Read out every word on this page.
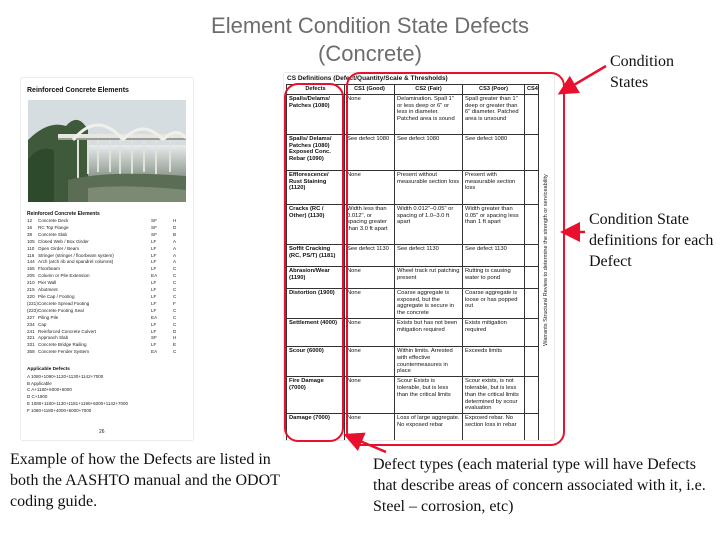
Element Condition State Defects
(Concrete)
Reinforced Concrete Elements
Reinforced Concrete Elements
12	Concrete Deck	SF	H
16	RC Top Flange	SF	D
38	Concrete Slab	SF	B
105 Closed Web / Box Girder	LF	A
110 Open Girder / Beam	LF	A
116 Stringer (stringer / floorbeam system)	LF	A
144 Arch (arch rib and spandrel columns)	LF	A
155 Floorbeam	LF	C
205 Column or Pile Extension	EA	C
210 Pier Wall	LF	C
215 Abutment	LF	C
220 Pile Cap / Footing	LF	C
(221) Concrete Spread Footing	LF	F
(223) Concrete Footing Seal	LF	C
227 Piling Pile	EA	C
234 Cap	LF	C
241 Reinforced Concrete Culvert	LF	D
321 Approach Slab	SF	H
331 Concrete Bridge Railing	LF	E
358 Concrete Fender System	EA	C
Applicable Defects
A 1080+1090+1120+1130+1142+7000
B Applicable
C A+1180+6000+6000
D C+1900
E 1080+1180+1130+1181+1190+6000+1142+7000
F 1080+1180+4000+6000+7000
26
CS Definitions (Defect/Quantity/Scale & Thresholds)
Defects	CS1 (Good)	CS2 (Fair)	CS3 (Poor)	CS4
Spalls/Delams/ Patches (1080)	None	Delamination. Spall 1" or less deep or 6" or less in diameter. Patched area is sound	Spall greater than 1" deep or greater than 6" diameter. Patched area is unsound	
Spalls/ Delams/ Patches (1080) Exposed Conc. Rebar (1090)	See defect 1080	See defect 1080	See defect 1080	
Efflorescence/ Rust Staining (1120)	None	Present without measurable section loss	Present with measurable section loss	
Cracks (RC / Other) (1130)	Width less than 0.012", or spacing greater than 3.0 ft apart	Width 0.012"–0.05" or spacing of 1.0–3.0 ft apart	Width greater than 0.05" or spacing less than 1 ft apart	
Soffit Cracking (RC, PS/T) (1181)	See defect 1130	See defect 1130	See defect 1130	
Abrasion/Wear (1190)	None	Wheel track rut patching present	Rutting is causing water to pond	
Distortion (1900)	None	Coarse aggregate is exposed, but the aggregate is secure in the concrete	Coarse aggregate is loose or has popped out	
Settlement (4000)	None	Exists but has not been mitigation required	Exists mitigation required	
Scour (6000)	None	Within limits. Arrested with effective countermeasures in place	Exceeds limits	
Fire Damage (7000)	None	Scour Exists is tolerable, but is less than the critical limits	Scour exists, is not tolerable, but is less than the critical limits determined by scour evaluation	
Damage (7000)	None	Loss of large aggregate. No exposed rebar	Exposed rebar. No section loss in rebar	
Warrants Structural Review to determine the strength or serviceability
Condition States
Condition State definitions for each Defect
Example of how the Defects are listed in both the AASHTO manual and the ODOT coding guide.
Defect types (each material type will have Defects that describe areas of concern associated with it, i.e. Steel – corrosion, etc)
